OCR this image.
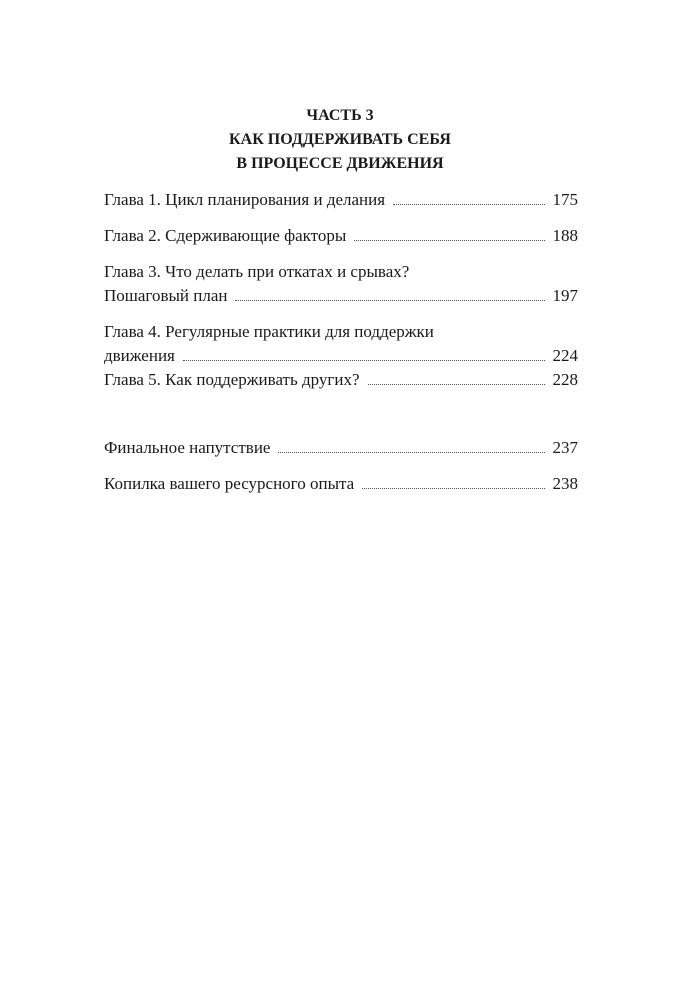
ЧАСТЬ 3
КАК ПОДДЕРЖИВАТЬ СЕБЯ
В ПРОЦЕССЕ ДВИЖЕНИЯ
Глава 1. Цикл планирования и делания	175
Глава 2. Сдерживающие факторы	188
Глава 3. Что делать при откатах и срывах?
Пошаговый план	197
Глава 4. Регулярные практики для поддержки
движения	224
Глава 5. Как поддерживать других?	228
Финальное напутствие	237
Копилка вашего ресурсного опыта	238
